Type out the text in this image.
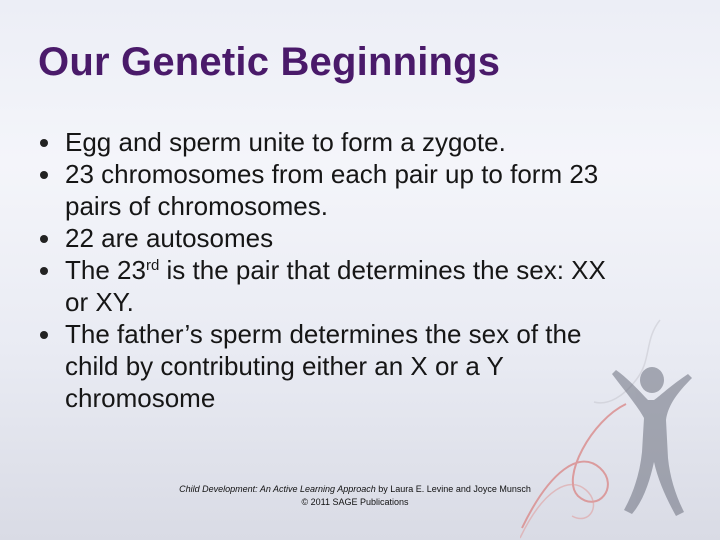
Our Genetic Beginnings
Egg and sperm unite to form a zygote.
23 chromosomes from each pair up to form 23 pairs of chromosomes.
22 are autosomes
The 23rd is the pair that determines the sex: XX or XY.
The father’s sperm determines the sex of the child by contributing either an X or a Y chromosome
Child Development: An Active Learning Approach by Laura E. Levine and Joyce Munsch
© 2011 SAGE Publications
